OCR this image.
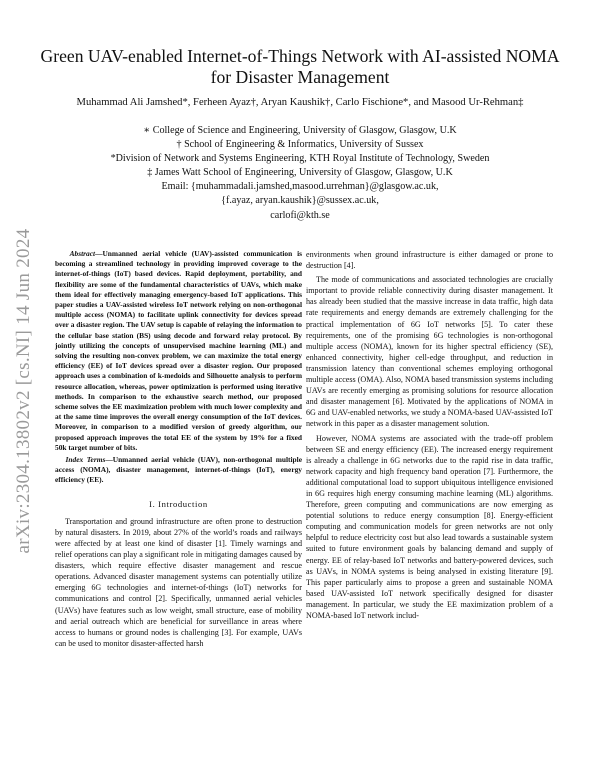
arXiv:2304.13802v2 [cs.NI] 14 Jun 2024
Green UAV-enabled Internet-of-Things Network with AI-assisted NOMA for Disaster Management
Muhammad Ali Jamshed*, Ferheen Ayaz†, Aryan Kaushik†, Carlo Fischione*, and Masood Ur-Rehman‡
∗ College of Science and Engineering, University of Glasgow, Glasgow, U.K
† School of Engineering & Informatics, University of Sussex
*Division of Network and Systems Engineering, KTH Royal Institute of Technology, Sweden
‡ James Watt School of Engineering, University of Glasgow, Glasgow, U.K
Email: {muhammadali.jamshed,masood.urrehman}@glasgow.ac.uk,
{f.ayaz, aryan.kaushik}@sussex.ac.uk,
carlofi@kth.se
Abstract—Unmanned aerial vehicle (UAV)-assisted communication is becoming a streamlined technology in providing improved coverage to the internet-of-things (IoT) based devices. Rapid deployment, portability, and flexibility are some of the fundamental characteristics of UAVs, which make them ideal for effectively managing emergency-based IoT applications. This paper studies a UAV-assisted wireless IoT network relying on non-orthogonal multiple access (NOMA) to facilitate uplink connectivity for devices spread over a disaster region. The UAV setup is capable of relaying the information to the cellular base station (BS) using decode and forward relay protocol. By jointly utilizing the concepts of unsupervised machine learning (ML) and solving the resulting non-convex problem, we can maximize the total energy efficiency (EE) of IoT devices spread over a disaster region. Our proposed approach uses a combination of k-medoids and Silhouette analysis to perform resource allocation, whereas, power optimization is performed using iterative methods. In comparison to the exhaustive search method, our proposed scheme solves the EE maximization problem with much lower complexity and at the same time improves the overall energy consumption of the IoT devices. Moreover, in comparison to a modified version of greedy algorithm, our proposed approach improves the total EE of the system by 19% for a fixed 50k target number of bits.
Index Terms—Unmanned aerial vehicle (UAV), non-orthogonal multiple access (NOMA), disaster management, internet-of-things (IoT), energy efficiency (EE).
I. Introduction

Transportation and ground infrastructure are often prone to destruction by natural disasters. In 2019, about 27% of the world’s roads and railways were affected by at least one kind of disaster [1]. Timely warnings and relief operations can play a significant role in mitigating damages caused by disasters, which require effective disaster management and rescue operations. Advanced disaster management systems can potentially utilize emerging 6G technologies and internet-of-things (IoT) networks for communications and control [2]. Specifically, unmanned aerial vehicles (UAVs) have features such as low weight, small structure, ease of mobility and aerial outreach which are beneficial for surveillance in areas where access to humans or ground nodes is challenging [3]. For example, UAVs can be used to monitor disaster-affected harsh

environments when ground infrastructure is either damaged or prone to destruction [4].

The mode of communications and associated technologies are crucially important to provide reliable connectivity during disaster management. It has already been studied that the massive increase in data traffic, high data rate requirements and energy demands are extremely challenging for the practical implementation of 6G IoT networks [5]. To cater these requirements, one of the promising 6G technologies is non-orthogonal multiple access (NOMA), known for its higher spectral efficiency (SE), enhanced connectivity, higher cell-edge throughput, and reduction in transmission latency than conventional schemes employing orthogonal multiple access (OMA). Also, NOMA based transmission systems including UAVs are recently emerging as promising solutions for resource allocation and disaster management [6]. Motivated by the applications of NOMA in 6G and UAV-enabled networks, we study a NOMA-based UAV-assisted IoT network in this paper as a disaster management solution.

However, NOMA systems are associated with the trade-off problem between SE and energy efficiency (EE). The increased energy requirement is already a challenge in 6G networks due to the rapid rise in data traffic, network capacity and high frequency band operation [7]. Furthermore, the additional computational load to support ubiquitous intelligence envisioned in 6G requires high energy consuming machine learning (ML) algorithms. Therefore, green computing and communications are now emerging as potential solutions to reduce energy consumption [8]. Energy-efficient computing and communication models for green networks are not only helpful to reduce electricity cost but also lead towards a sustainable system suited to future environment goals by balancing demand and supply of energy. EE of relay-based IoT networks and battery-powered devices, such as UAVs, in NOMA systems is being analysed in existing literature [9]. This paper particularly aims to propose a green and sustainable NOMA based UAV-assisted IoT network specifically designed for disaster management. In particular, we study the EE maximization problem of a NOMA-based IoT network includ-
